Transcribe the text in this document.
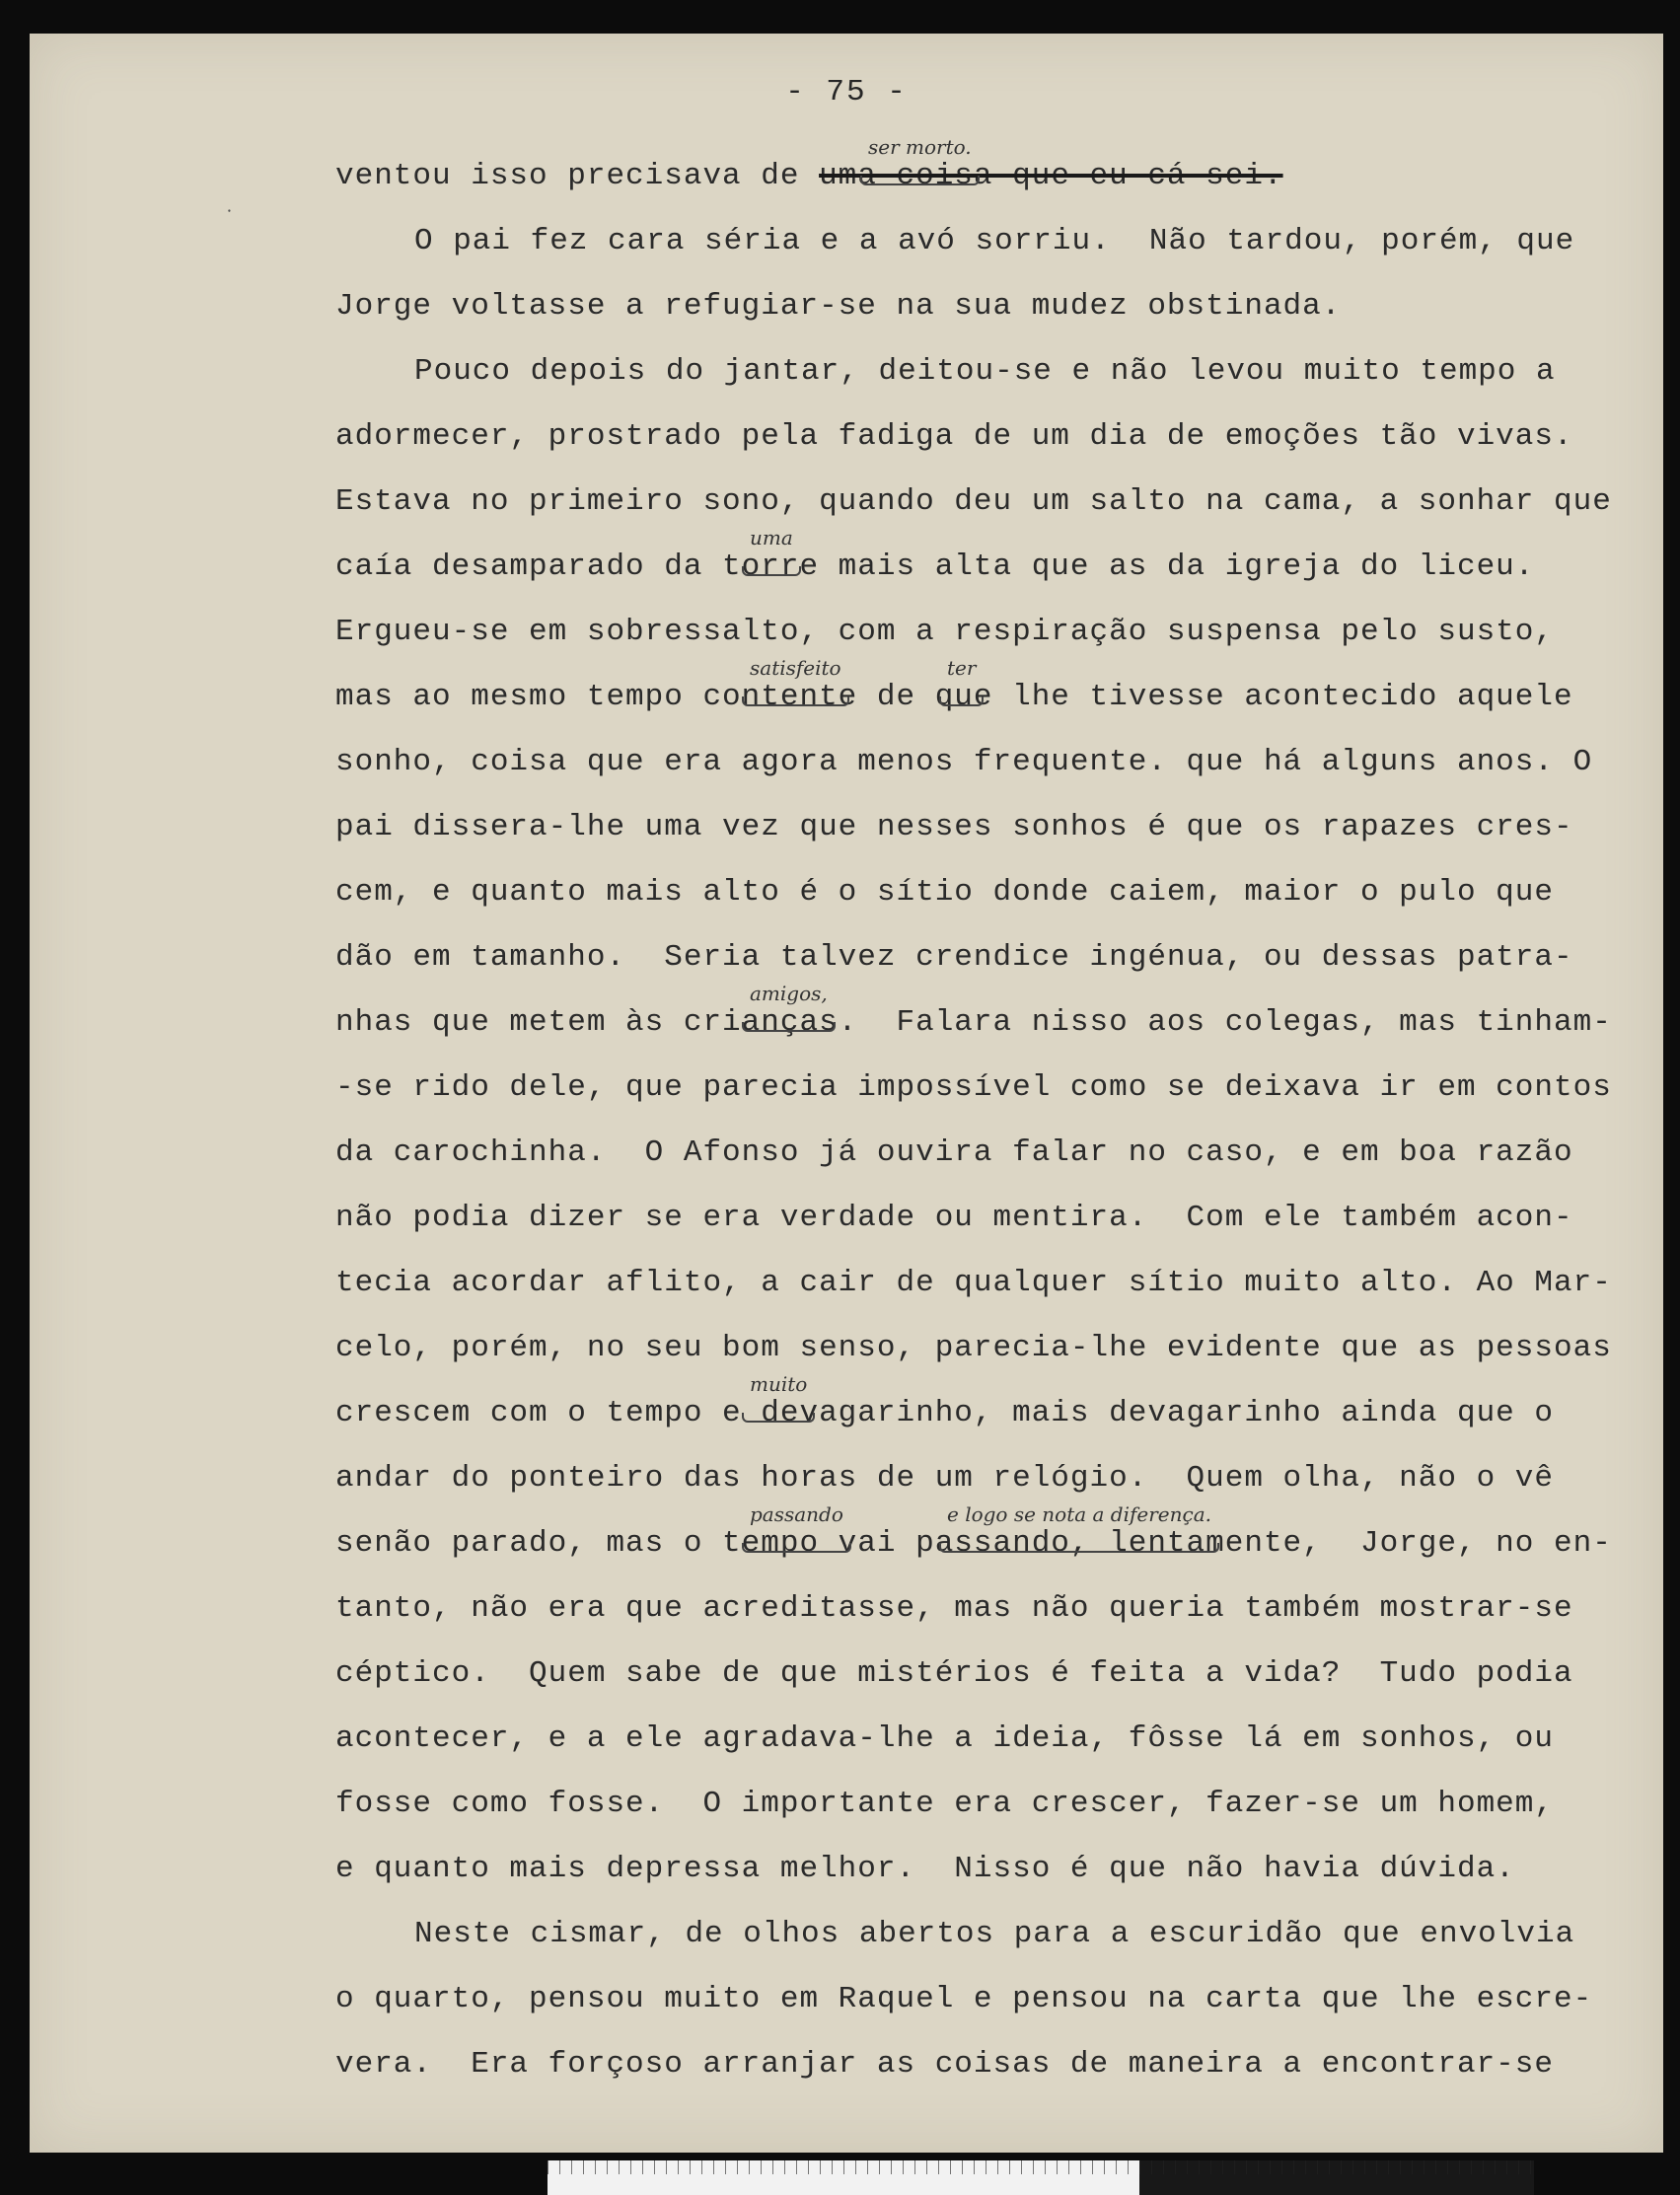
- 75 -
⸱
ventou isso precisava de uma coisa que eu cá sei.
ser morto.
O pai fez cara séria e a avó sorriu.  Não tardou, porém, que
Jorge voltasse a refugiar-se na sua mudez obstinada.
Pouco depois do jantar, deitou-se e não levou muito tempo a
adormecer, prostrado pela fadiga de um dia de emoções tão vivas.
Estava no primeiro sono, quando deu um salto na cama, a sonhar que
caía desamparado da torre mais alta que as da igreja do liceu.
uma
Ergueu-se em sobressalto, com a respiração suspensa pelo susto,
mas ao mesmo tempo contente de que lhe tivesse acontecido aquele
satisfeito	ter
sonho, coisa que era agora menos frequente. que há alguns anos. O
pai dissera-lhe uma vez que nesses sonhos é que os rapazes cres-
cem, e quanto mais alto é o sítio donde caiem, maior o pulo que
dão em tamanho.  Seria talvez crendice ingénua, ou dessas patra-
nhas que metem às crianças.  Falara nisso aos colegas, mas tinham-
amigos,
-se rido dele, que parecia impossível como se deixava ir em contos
da carochinha.  O Afonso já ouvira falar no caso, e em boa razão
não podia dizer se era verdade ou mentira.  Com ele também acon-
tecia acordar aflito, a cair de qualquer sítio muito alto. Ao Mar-
celo, porém, no seu bom senso, parecia-lhe evidente que as pessoas
crescem com o tempo e devagarinho, mais devagarinho ainda que o
muito
andar do ponteiro das horas de um relógio.  Quem olha, não o vê
senão parado, mas o tempo vai passando, lentamente,  Jorge, no en-
passando	e logo se nota a diferença.
tanto, não era que acreditasse, mas não queria também mostrar-se
céptico.  Quem sabe de que mistérios é feita a vida?  Tudo podia
acontecer, e a ele agradava-lhe a ideia, fôsse lá em sonhos, ou
fosse como fosse.  O importante era crescer, fazer-se um homem,
e quanto mais depressa melhor.  Nisso é que não havia dúvida.
Neste cismar, de olhos abertos para a escuridão que envolvia
o quarto, pensou muito em Raquel e pensou na carta que lhe escre-
vera.  Era forçoso arranjar as coisas de maneira a encontrar-se
